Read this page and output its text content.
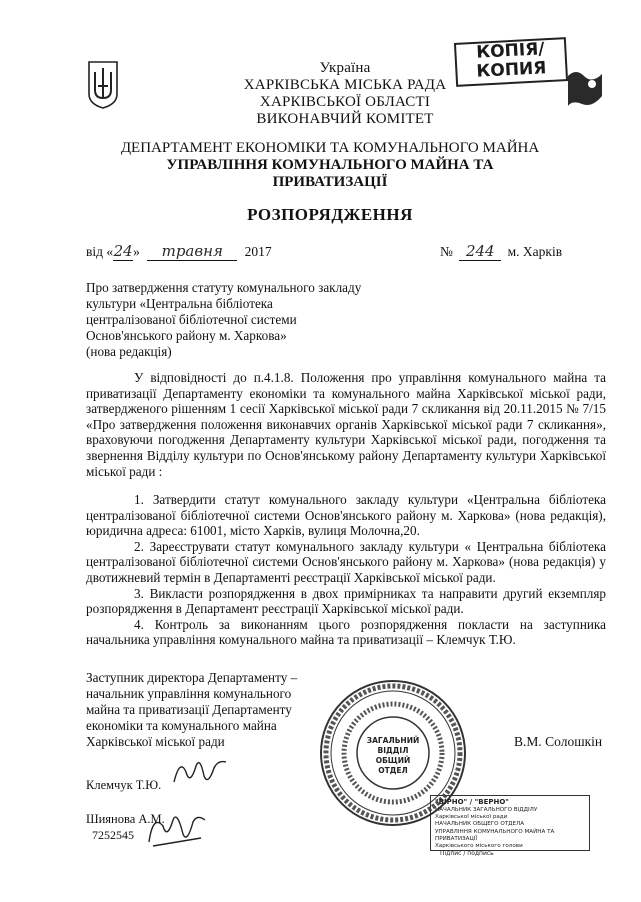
КОПІЯ/
КОПИЯ
Україна
ХАРКІВСЬКА МІСЬКА РАДА
ХАРКІВСЬКОЇ ОБЛАСТІ
ВИКОНАВЧИЙ КОМІТЕТ
ДЕПАРТАМЕНТ ЕКОНОМІКИ ТА КОМУНАЛЬНОГО МАЙНА
УПРАВЛІННЯ КОМУНАЛЬНОГО МАЙНА ТА
ПРИВАТИЗАЦІЇ
РОЗПОРЯДЖЕННЯ
від «24» травня 2017	№ 244 м. Харків
Про затвердження статуту комунального закладу
культури «Центральна бібліотека
централізованої бібліотечної системи
Основ'янського району м. Харкова»
(нова редакція)
У відповідності до п.4.1.8. Положення про управління комунального майна та приватизації Департаменту економіки та комунального майна Харківської міської ради, затвердженого рішенням 1 сесії Харківської міської ради 7 скликання від 20.11.2015 № 7/15 «Про затвердження положення виконавчих органів Харківської міської ради 7 скликання», враховуючи погодження Департаменту культури Харківської міської ради, погодження та звернення Відділу культури по Основ'янському району Департаменту культури Харківської міської ради :
1. Затвердити статут комунального закладу культури «Центральна бібліотека централізованої бібліотечної системи Основ'янського району м. Харкова» (нова редакція), юридична адреса: 61001, місто Харків, вулиця Молочна,20.
2. Зареєструвати статут комунального закладу культури « Центральна бібліотека централізованої бібліотечної системи Основ'янського району м. Харкова» (нова редакція) у двотижневий термін в Департаменті реєстрації Харківської міської ради.
3. Викласти розпорядження в двох примірниках та направити другий екземпляр розпорядження в Департамент реєстрації Харківської міської ради.
4. Контроль за виконанням цього розпорядження покласти на заступника начальника управління комунального майна та приватизації – Клемчук Т.Ю.
Заступник директора Департаменту –
начальник управління комунального
майна та приватизації Департаменту
економіки та комунального майна
Харківської міської ради	В.М. Солошкін
ЗАГАЛЬНИЙ
ВІДДІЛ
ОБЩИЙ ОТДЕЛ
Клемчук Т.Ю.
Шиянова А.М.
7252545
"ВІРНО" / "ВЕРНО"
НАЧАЛЬНИК ЗАГАЛЬНОГО ВІДДІЛУ
Харківської міської ради
НАЧАЛЬНИК ОБЩЕГО ОТДЕЛА
УПРАВЛІННЯ КОМУНАЛЬНОГО МАЙНА ТА ПРИВАТИЗАЦІЇ
Харківського міського голови
Підпис / подпись
